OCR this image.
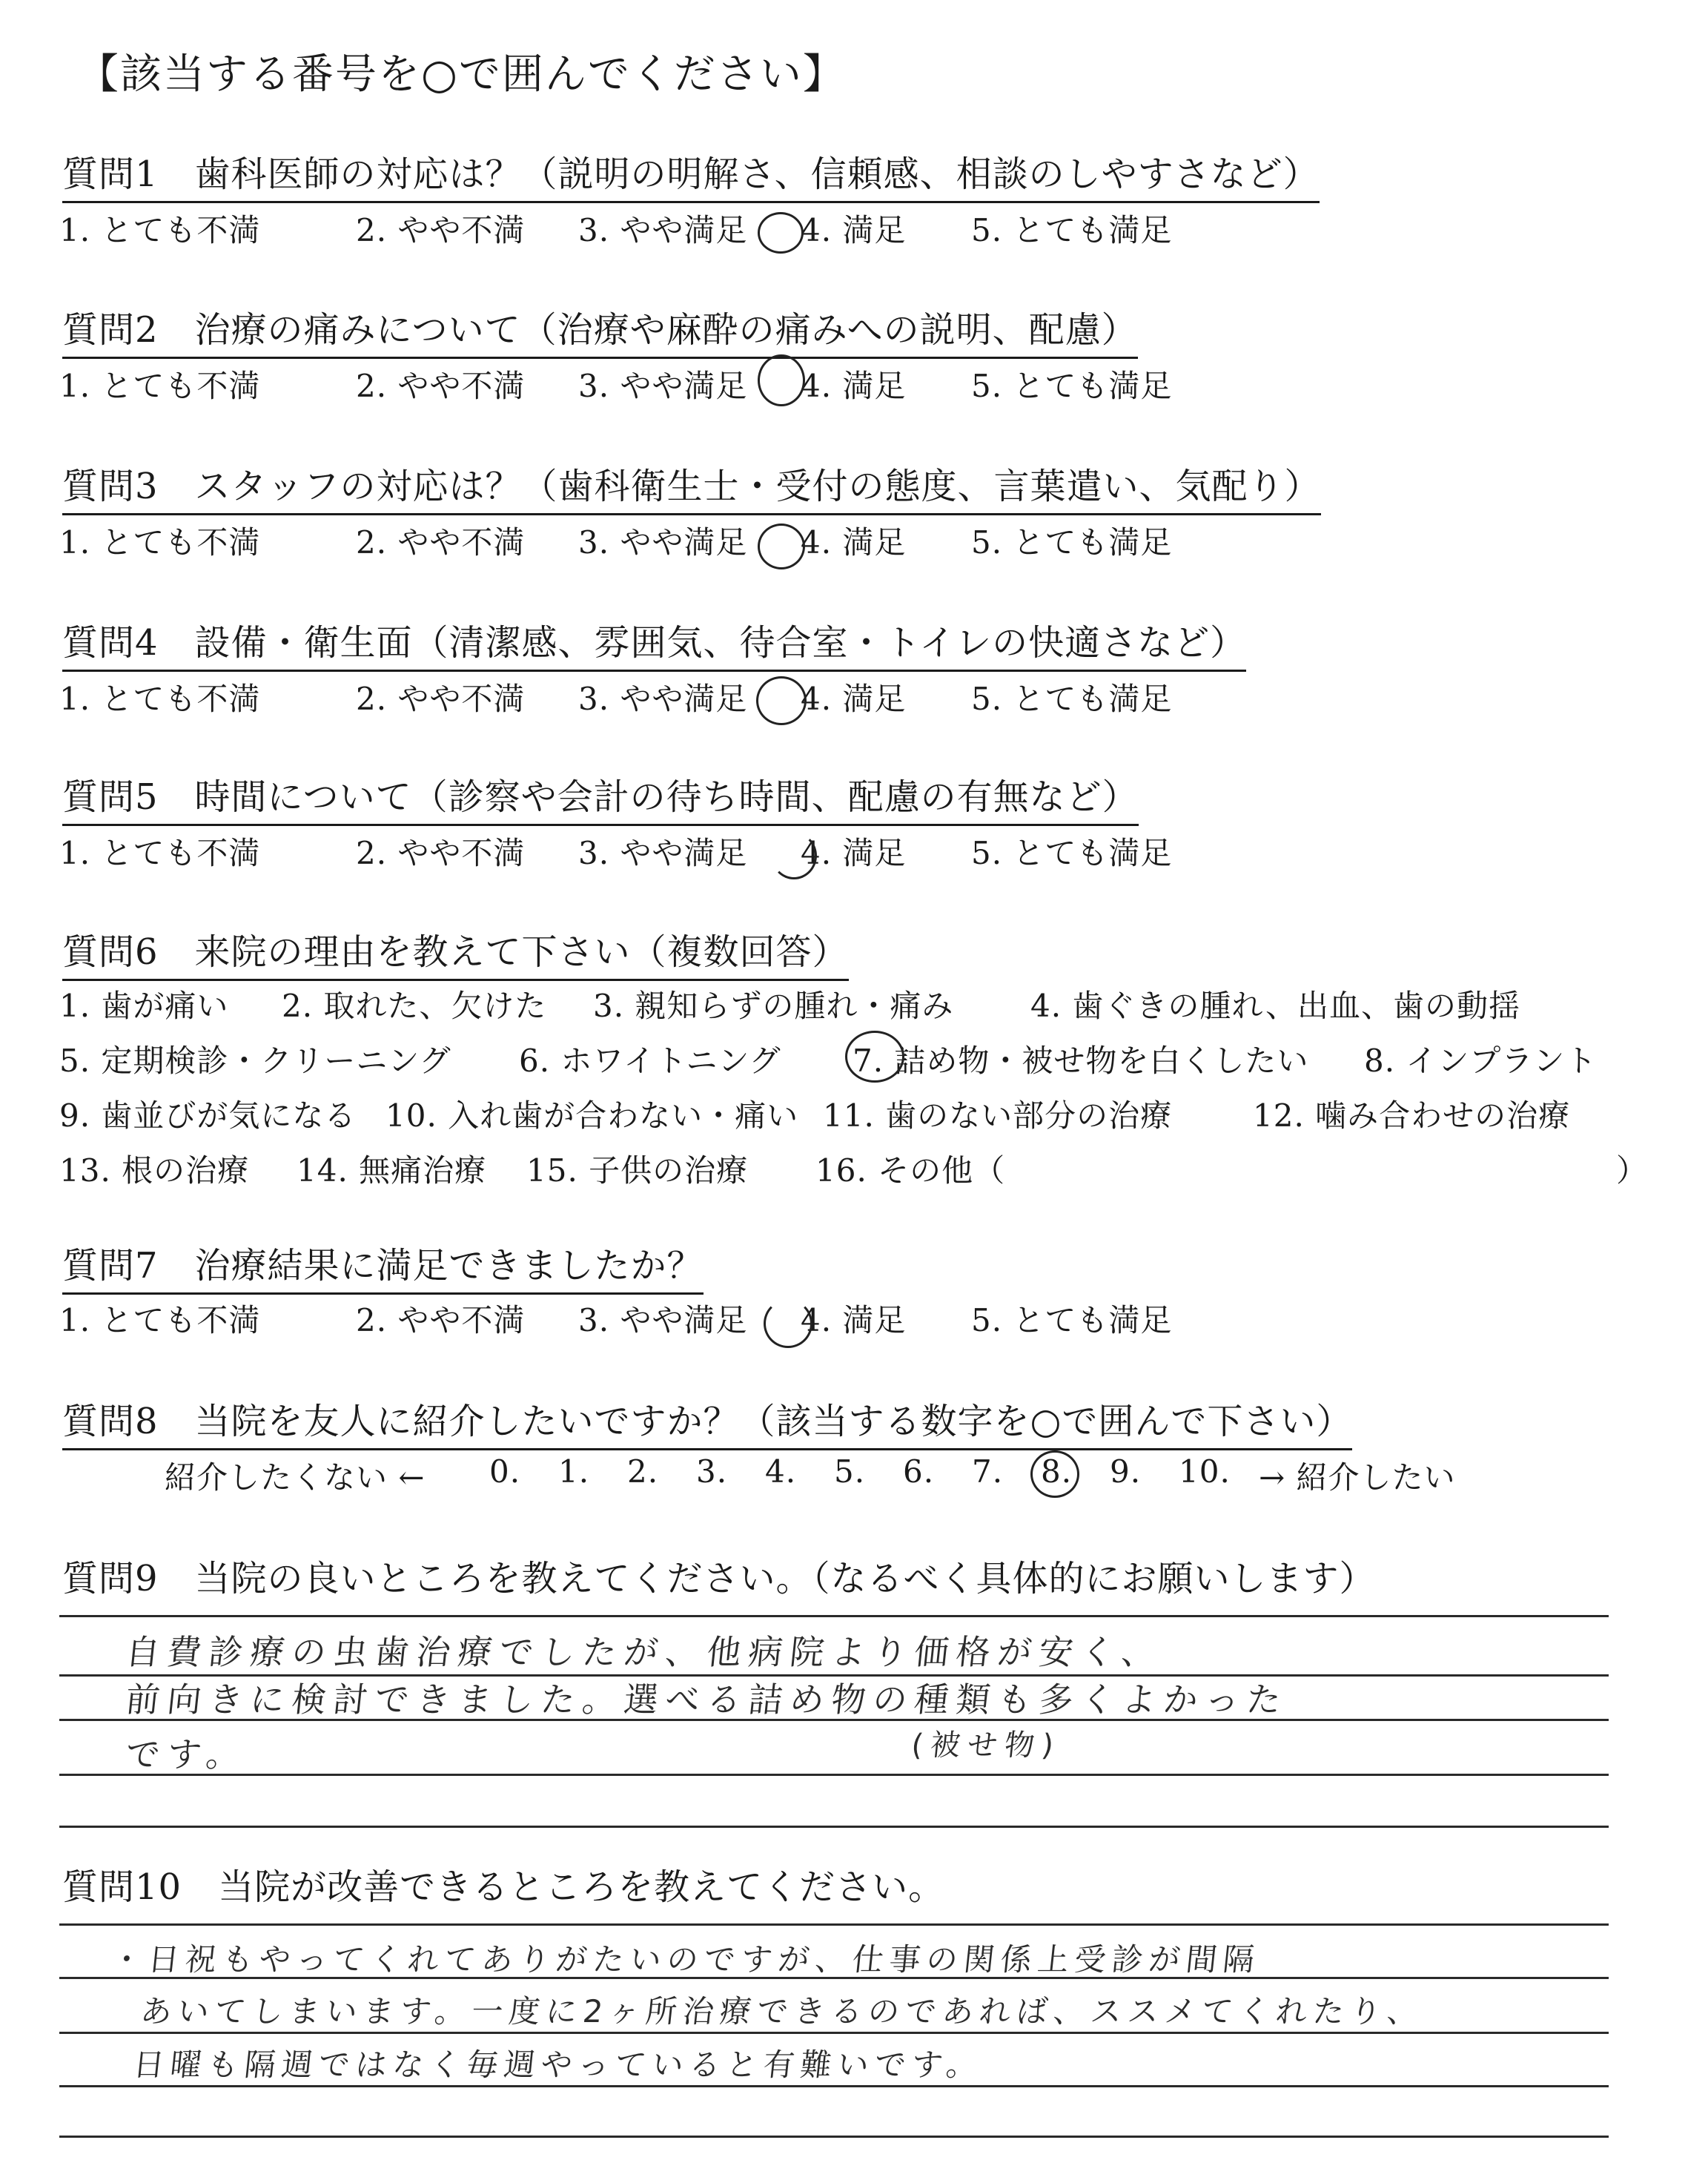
【該当する番号を○で囲んでください】
質問1　歯科医師の対応は？（説明の明解さ、信頼感、相談のしやすさなど）
1. とても不満	2. やや不満 3. やや満足 4. 満足 5. とても満足
質問2　治療の痛みについて（治療や麻酔の痛みへの説明、配慮）
1. とても不満	2. やや不満 3. やや満足 4. 満足 5. とても満足
質問3　スタッフの対応は？（歯科衛生士・受付の態度、言葉遣い、気配り）
1. とても不満	2. やや不満 3. やや満足 4. 満足 5. とても満足
質問4　設備・衛生面（清潔感、雰囲気、待合室・トイレの快適さなど）
1. とても不満	2. やや不満 3. やや満足 4. 満足 5. とても満足
質問5　時間について（診察や会計の待ち時間、配慮の有無など）
1. とても不満	2. やや不満 3. やや満足 4. 満足 5. とても満足
質問6　来院の理由を教えて下さい（複数回答）
1. 歯が痛い 2. 取れた、欠けた 3. 親知らずの腫れ・痛み 4. 歯ぐきの腫れ、出血、歯の動揺
5. 定期検診・クリーニング 6. ホワイトニング 7. 詰め物・被せ物を白くしたい 8. インプラント
9. 歯並びが気になる 10. 入れ歯が合わない・痛い 11. 歯のない部分の治療	12. 噛み合わせの治療
13. 根の治療 14. 無痛治療 15. 子供の治療 16. その他（	）
質問7　治療結果に満足できましたか？
1. とても不満	2. やや不満 3. やや満足 4. 満足 5. とても満足
質問8　当院を友人に紹介したいですか？（該当する数字を○で囲んで下さい）
紹介したくない ← 0. 1. 2. 3. 4. 5. 6. 7. 8. 9. 10. → 紹介したい
質問9　当院の良いところを教えてください。（なるべく具体的にお願いします）
自費診療の虫歯治療でしたが、他病院より価格が安く、
前向きに検討できました。選べる詰め物の種類も多くよかった
です。	(被せ物)
質問10　当院が改善できるところを教えてください。
・日祝もやってくれてありがたいのですが、仕事の関係上受診が間隔
あいてしまいます。一度に2ヶ所治療できるのであれば、ススメてくれたり、
日曜も隔週ではなく毎週やっていると有難いです。
